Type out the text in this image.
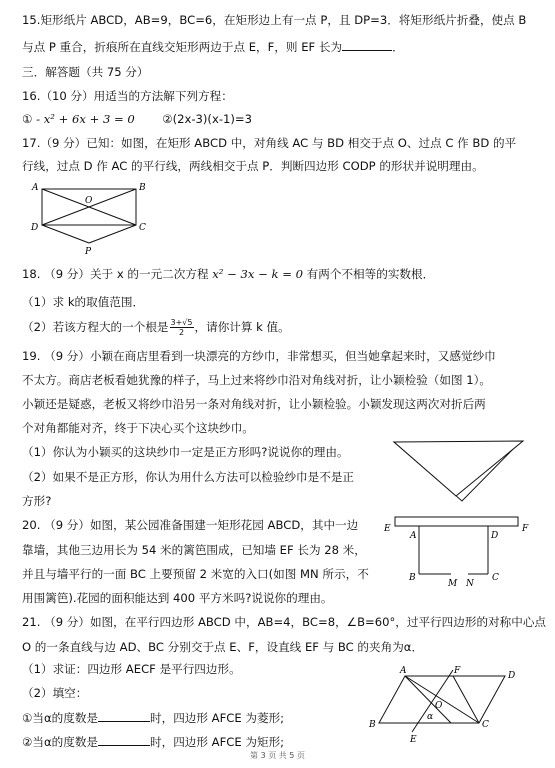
15.矩形纸片 ABCD，AB=9，BC=6，在矩形边上有一点 P，且 DP=3．将矩形纸片折叠，使点 B
与点 P 重合，折痕所在直线交矩形两边于点 E，F，则 EF 长为	．
三．解答题（共 75 分）
16.（10 分）用适当的方法解下列方程：
① - x² + 6x + 3 = 0 ②(2x-3)(x-1)=3
17.（9 分）已知：如图，在矩形 ABCD 中，对角线 AC 与 BD 相交于点 O、过点 C 作 BD 的平
行线，过点 D 作 AC 的平行线，两线相交于点 P．判断四边形 CODP 的形状并说明理由。
A	B
C
D
O
P
18. （9 分）关于 x 的一元二次方程 x² − 3x − k = 0 有两个不相等的实数根．
（1）求 k的取值范围．
（2）若该方程大的一个根是 $\frac{3+√5}{2}$ ，请你计算 k 值。
19. （9 分）小颖在商店里看到一块漂亮的方纱巾，非常想买，但当她拿起来时，又感觉纱巾
不太方。商店老板看她犹豫的样子，马上过来将纱巾沿对角线对折，让小颖检验（如图 1）。
小颖还是疑惑，老板又将纱巾沿另一条对角线对折，让小颖检验。小颖发现这两次对折后两
个对角都能对齐，终于下决心买个这块纱巾。
（1）你认为小颖买的这块纱巾一定是正方形吗?说说你的理由。
（2）如果不是正方形，你认为用什么方法可以检验纱巾是不是正
方形?
20. （9 分）如图，某公园准备围建一矩形花园 ABCD，其中一边
靠墙，其他三边用长为 54 米的篱笆围成，已知墙 EF 长为 28 米，
并且与墙平行的一面 BC 上要预留 2 米宽的入口(如图 MN 所示，不
用围篱笆).花园的面积能达到 400 平方米吗?说说你的理由。
E	F
A	D
B	C
M N
21. （9 分）如图，在平行四边形 ABCD 中，AB=4，BC=8，∠B=60°，过平行四边形的对称中心点
O 的一条直线与边 AD、BC 分别交于点 E、F，设直线 EF 与 BC 的夹角为α．
（1）求证：四边形 AECF 是平行四边形。
（2）填空：
①当α的度数是	时，四边形 AFCE 为菱形;
②当α的度数是	时，四边形 AFCE 为矩形;
A
B	C
D
F
E
O
α
第 3 页 共 5 页
